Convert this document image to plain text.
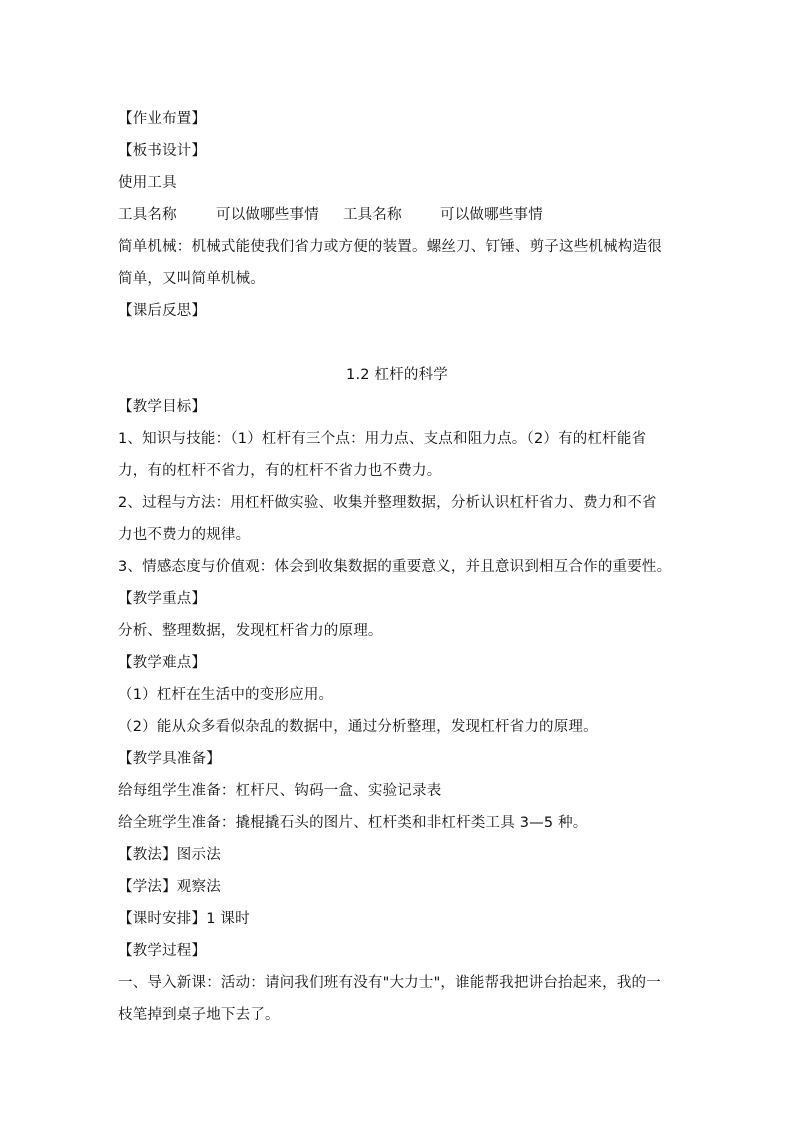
【作业布置】
【板书设计】
使用工具
工具名称	可以做哪些事情 工具名称	可以做哪些事情
简单机械：机械式能使我们省力或方便的装置。螺丝刀、钉锤、剪子这些机械构造很
简单，又叫简单机械。
【课后反思】
1.2 杠杆的科学
【教学目标】
1、知识与技能：（1）杠杆有三个点：用力点、支点和阻力点。（2）有的杠杆能省
力，有的杠杆不省力，有的杠杆不省力也不费力。
2、过程与方法：用杠杆做实验、收集并整理数据，分析认识杠杆省力、费力和不省
力也不费力的规律。
3、情感态度与价值观：体会到收集数据的重要意义，并且意识到相互合作的重要性。
【教学重点】
分析、整理数据，发现杠杆省力的原理。
【教学难点】
（1）杠杆在生活中的变形应用。
（2）能从众多看似杂乱的数据中，通过分析整理，发现杠杆省力的原理。
【教学具准备】
给每组学生准备：杠杆尺、钩码一盒、实验记录表
给全班学生准备：撬棍撬石头的图片、杠杆类和非杠杆类工具 3—5 种。
【教法】图示法
【学法】观察法
【课时安排】1 课时
【教学过程】
一、导入新课：活动：请问我们班有没有"大力士"，谁能帮我把讲台抬起来，我的一
枝笔掉到桌子地下去了。
